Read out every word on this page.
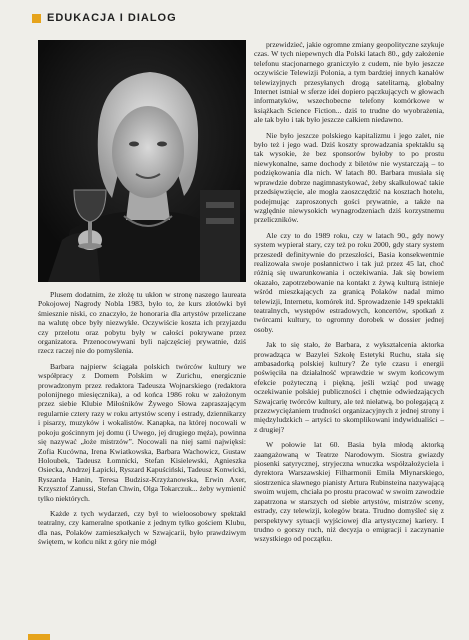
EDUKACJA I DIALOG

Plusem dodatnim, że złożę tu ukłon w stronę naszego laureata Pokojowej Nagrody Nobla 1983, było to, że kurs złotówki był śmiesznie niski, co znaczyło, że honoraria dla artystów przeliczane na walutę obce były niezwykłe. Oczywiście koszta ich przyjazdu czy przelotu oraz pobytu były w całości pokrywane przez organizatora. Przenocowywani byli najczęściej prywatnie, dziś rzecz raczej nie do pomyślenia.

Barbara najpierw ściągała polskich twórców kultury we współpracy z Domem Polskim w Zurichu, energicznie prowadzonym przez redaktora Tadeusza Wojnarskiego (redaktora polonijnego miesięcznika), a od końca 1986 roku w założonym przez siebie Klubie Miłośników Żywego Słowa zapraszającym regularnie cztery razy w roku artystów sceny i estrady, dziennikarzy i pisarzy, muzyków i wokalistów. Kanapka, na której nocowali w pokoju gościnnym jej domu (i Uwego, jej drugiego męża), powinna się nazywać „łoże mistrzów”. Nocowali na niej sami najwięksi: Zofia Kucówna, Irena Kwiatkowska, Barbara Wachowicz, Gustaw Holoubek, Tadeusz Łomnicki, Stefan Kisielewski, Agnieszka Osiecka, Andrzej Łapicki, Ryszard Kapuściński, Tadeusz Konwicki, Ryszarda Hanin, Teresa Budzisz-Krzyżanowska, Erwin Axer, Krzysztof Zanussi, Stefan Chwin, Olga Tokarczuk... żeby wymienić tylko niektórych.

Każde z tych wydarzeń, czy był to wieloosobowy spektakl teatralny, czy kameralne spotkanie z jednym tylko gościem Klubu, dla nas, Polaków zamieszkałych w Szwajcarii, było prawdziwym świętem, w końcu nikt z góry nie mógł

przewidzieć, jakie ogromne zmiany geopolityczne szykuje czas. W tych niepewnych dla Polski latach 80., gdy założenie telefonu stacjonarnego graniczyło z cudem, nie było jeszcze oczywiście Telewizji Polonia, a tym bardziej innych kanałów telewizyjnych przesyłanych drogą satelitarną, globalny Internet istniał w sferze idei dopiero pączkujących w głowach informatyków, wszechobecne telefony komórkowe w książkach Science Fiction... dziś to trudne do wyobrażenia, ale tak było i tak było jeszcze całkiem niedawno.

Nie było jeszcze polskiego kapitalizmu i jego zalet, nie było też i jego wad. Dziś koszty sprowadzania spektaklu są tak wysokie, że bez sponsorów byłoby to po prostu niewykonalne, same dochody z biletów nie wystarczają – to podziękowania dla nich. W latach 80. Barbara musiała się wprawdzie dobrze nagimnastykować, żeby skalkulować takie przedsięwzięcie, ale mogła zaoszczędzić na kosztach hotelu, podejmując zaproszonych gości prywatnie, a także na względnie niewysokich wynagrodzeniach dziś korzystnemu przeliczników.

Ale czy to do 1989 roku, czy w latach 90., gdy nowy system wypierał stary, czy też po roku 2000, gdy stary system przeszedł definitywnie do przeszłości, Basia konsekwentnie realizowała swoje posłannictwo i tak już przez 45 lat, choć różnią się uwarunkowania i oczekiwania. Jak się bowiem okazało, zapotrzebowanie na kontakt z żywą kulturą istnieje wśród mieszkających za granicą Polaków nadal mimo telewizji, Internetu, komórek itd. Sprowadzenie 149 spektakli teatralnych, występów estradowych, koncertów, spotkań z twórcami kultury, to ogromny dorobek w dossier jednej osoby.

Jak to się stało, że Barbara, z wykształcenia aktorka prowadząca w Bazylei Szkołę Estetyki Ruchu, stała się ambasadorką polskiej kultury? Że tyle czasu i energii poświęciła na działalność wprawdzie w swym końcowym efekcie pożyteczną i piękną, jeśli wziąć pod uwagę oczekiwanie polskiej publiczności i chętnie odwiedzających Szwajcarię twórców kultury, ale też niełatwą, bo polegającą z przezwyciężaniem trudności organizacyjnych z jednej strony i międzyludzkich – artyści to skomplikowani indywidualiści – z drugiej?

W połowie lat 60. Basia była młodą aktorką zaangażowaną w Teatrze Narodowym. Siostra gwiazdy piosenki satyrycznej, stryjeczna wnuczka współzałożyciela i dyrektora Warszawskiej Filharmonii Emila Młynarskiego, siostrzenica sławnego pianisty Artura Rubinsteina nazywającą swoim wujem, chciała po prostu pracować w swoim zawodzie zapatrzona w starszych od siebie artystów, mistrzów sceny, estrady, czy telewizji, kolegów brata. Trudno domyśleć się z perspektywy sytuacji wyjściowej dla artystycznej kariery. I trudno o gorszy ruch, niż decyzja o emigracji i zaczynanie wszystkiego od początku.
